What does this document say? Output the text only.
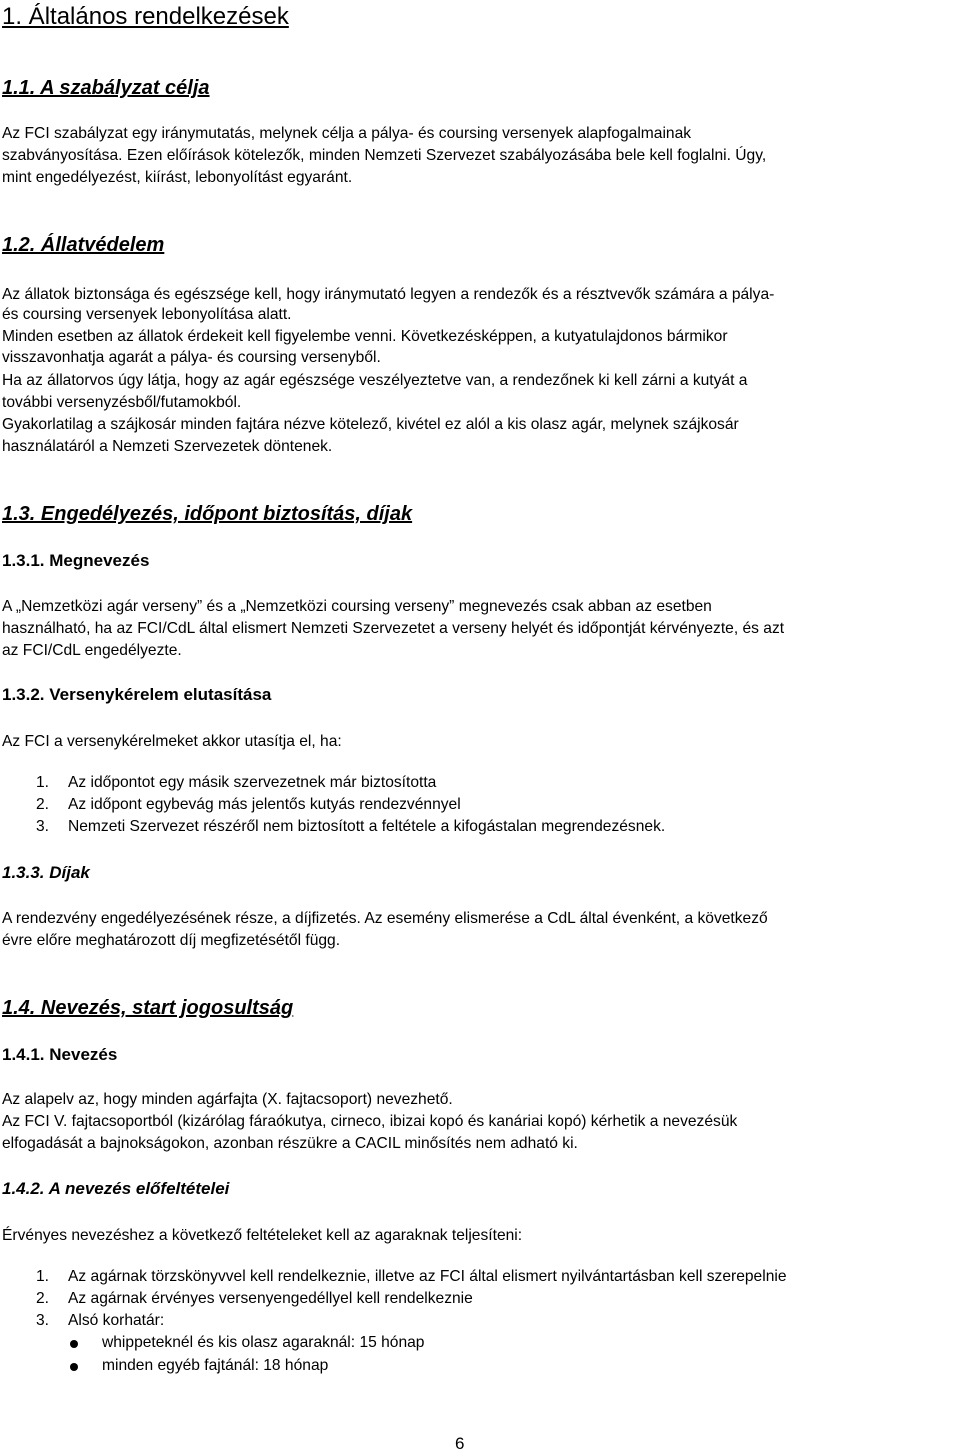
1. Általános rendelkezések
1.1. A szabályzat célja
Az FCI szabályzat egy iránymutatás, melynek célja a pálya- és coursing versenyek alapfogalmainak
szabványosítása. Ezen előírások kötelezők, minden Nemzeti Szervezet szabályozásába bele kell foglalni. Úgy,
mint engedélyezést, kiírást, lebonyolítást egyaránt.
1.2. Állatvédelem
Az állatok biztonsága és egészsége kell, hogy iránymutató legyen a rendezők és a résztvevők számára a pálya-
és coursing versenyek lebonyolítása alatt.
Minden esetben az állatok érdekeit kell figyelembe venni. Következésképpen, a kutyatulajdonos bármikor
visszavonhatja agarát a pálya- és coursing versenyből.
Ha az állatorvos úgy látja, hogy az agár egészsége veszélyeztetve van, a rendezőnek ki kell zárni a kutyát a
további versenyzésből/futamokból.
Gyakorlatilag a szájkosár minden fajtára nézve kötelező, kivétel ez alól a kis olasz agár, melynek szájkosár
használatáról a Nemzeti Szervezetek döntenek.
1.3. Engedélyezés, időpont biztosítás, díjak
1.3.1. Megnevezés
A „Nemzetközi agár verseny” és a „Nemzetközi coursing verseny” megnevezés csak abban az esetben
használható, ha az FCI/CdL által elismert Nemzeti Szervezetet a verseny helyét és időpontját kérvényezte, és azt
az FCI/CdL engedélyezte.
1.3.2. Versenykérelem elutasítása
Az FCI a versenykérelmeket akkor utasítja el, ha:
1. Az időpontot egy másik szervezetnek már biztosította
2. Az időpont egybevág más jelentős kutyás rendezvénnyel
3. Nemzeti Szervezet részéről nem biztosított a feltétele a kifogástalan megrendezésnek.
1.3.3. Díjak
A rendezvény engedélyezésének része, a díjfizetés. Az esemény elismerése a CdL által évenként, a következő
évre előre meghatározott díj megfizetésétől függ.
1.4. Nevezés, start jogosultság
1.4.1. Nevezés
Az alapelv az, hogy minden agárfajta (X. fajtacsoport) nevezhető.
Az FCI V. fajtacsoportból (kizárólag fáraókutya, cirneco, ibizai kopó és kanáriai kopó) kérhetik a nevezésük
elfogadását a bajnokságokon, azonban részükre a CACIL minősítés nem adható ki.
1.4.2. A nevezés előfeltételei
Érvényes nevezéshez a következő feltételeket kell az agaraknak teljesíteni:
1. Az agárnak törzskönyvvel kell rendelkeznie, illetve az FCI által elismert nyilvántartásban kell szerepelnie
2. Az agárnak érvényes versenyengedéllyel kell rendelkeznie
3. Alsó korhatár:
whippeteknél és kis olasz agaraknál: 15 hónap
minden egyéb fajtánál: 18 hónap
6
